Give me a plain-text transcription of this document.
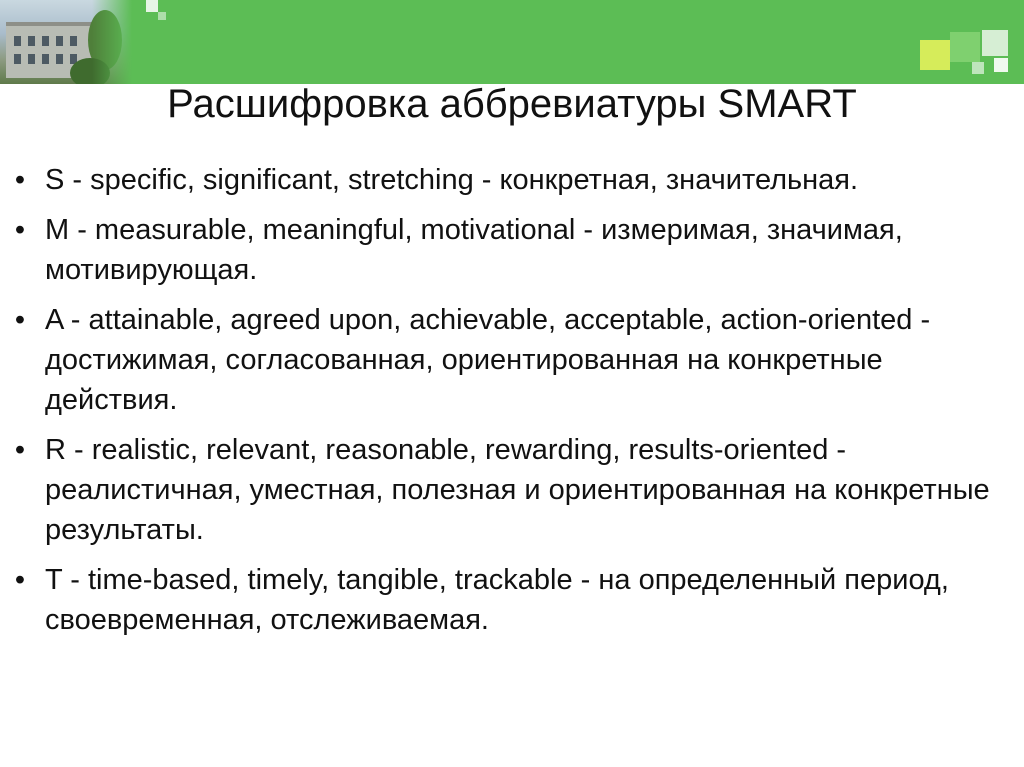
Расшифровка аббревиатуры SMART
• S - specific, significant, stretching - конкретная, значительная.
• M - measurable, meaningful, motivational - измеримая, значимая, мотивирующая.
• A - attainable, agreed upon, achievable, acceptable, action-oriented - достижимая, согласованная, ориентированная на конкретные действия.
• R - realistic, relevant, reasonable, rewarding, results-oriented - реалистичная, уместная, полезная и ориентированная на конкретные результаты.
• T - time-based, timely, tangible, trackable - на определенный период, своевременная, отслеживаемая.
